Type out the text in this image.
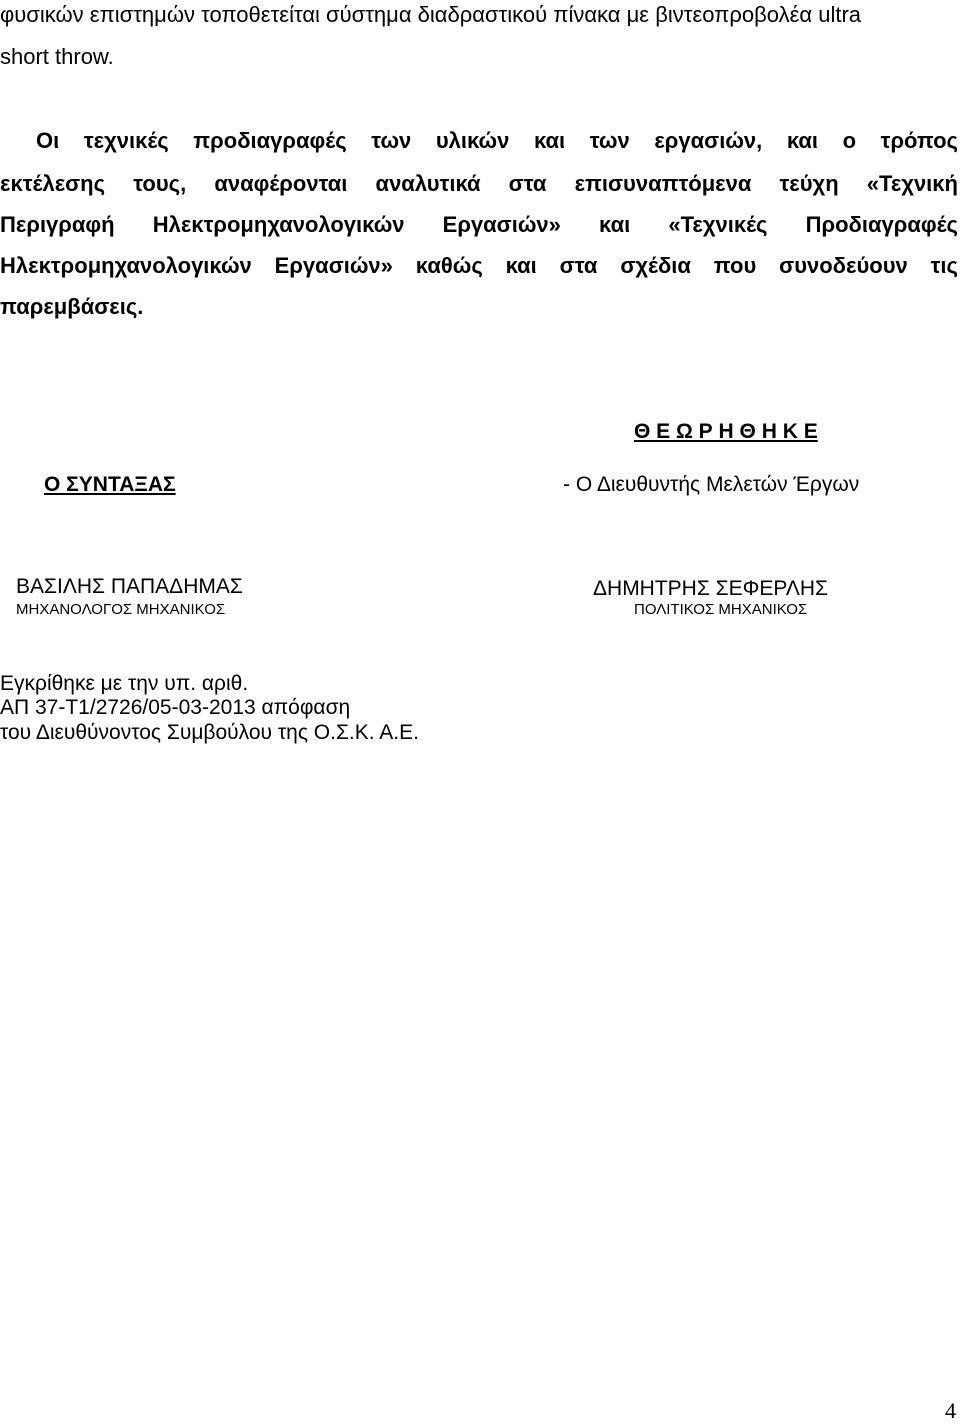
φυσικών επιστημών τοποθετείται σύστημα διαδραστικού πίνακα με βιντεοπροβολέα ultra
short throw.
Οι τεχνικές προδιαγραφές των υλικών και των εργασιών, και ο τρόπος
εκτέλεσης τους, αναφέρονται αναλυτικά στα επισυναπτόμενα τεύχη «Τεχνική
Περιγραφή Ηλεκτρομηχανολογικών Εργασιών» και «Τεχνικές Προδιαγραφές
Ηλεκτρομηχανολογικών Εργασιών» καθώς και στα σχέδια που συνοδεύουν τις
παρεμβάσεις.
Θ Ε Ω Ρ Η Θ Η Κ Ε
Ο ΣΥΝΤΑΞΑΣ	- Ο Διευθυντής Μελετών Έργων
ΒΑΣΙΛΗΣ ΠΑΠΑΔΗΜΑΣ
ΜΗΧΑΝΟΛΟΓΟΣ ΜΗΧΑΝΙΚΟΣ
ΔΗΜΗΤΡΗΣ ΣΕΦΕΡΛΗΣ
ΠΟΛΙΤΙΚΟΣ ΜΗΧΑΝΙΚΟΣ
Εγκρίθηκε με την υπ. αριθ.
ΑΠ 37-Τ1/2726/05-03-2013 απόφαση
του Διευθύνοντος Συμβούλου της Ο.Σ.Κ. Α.Ε.
4
